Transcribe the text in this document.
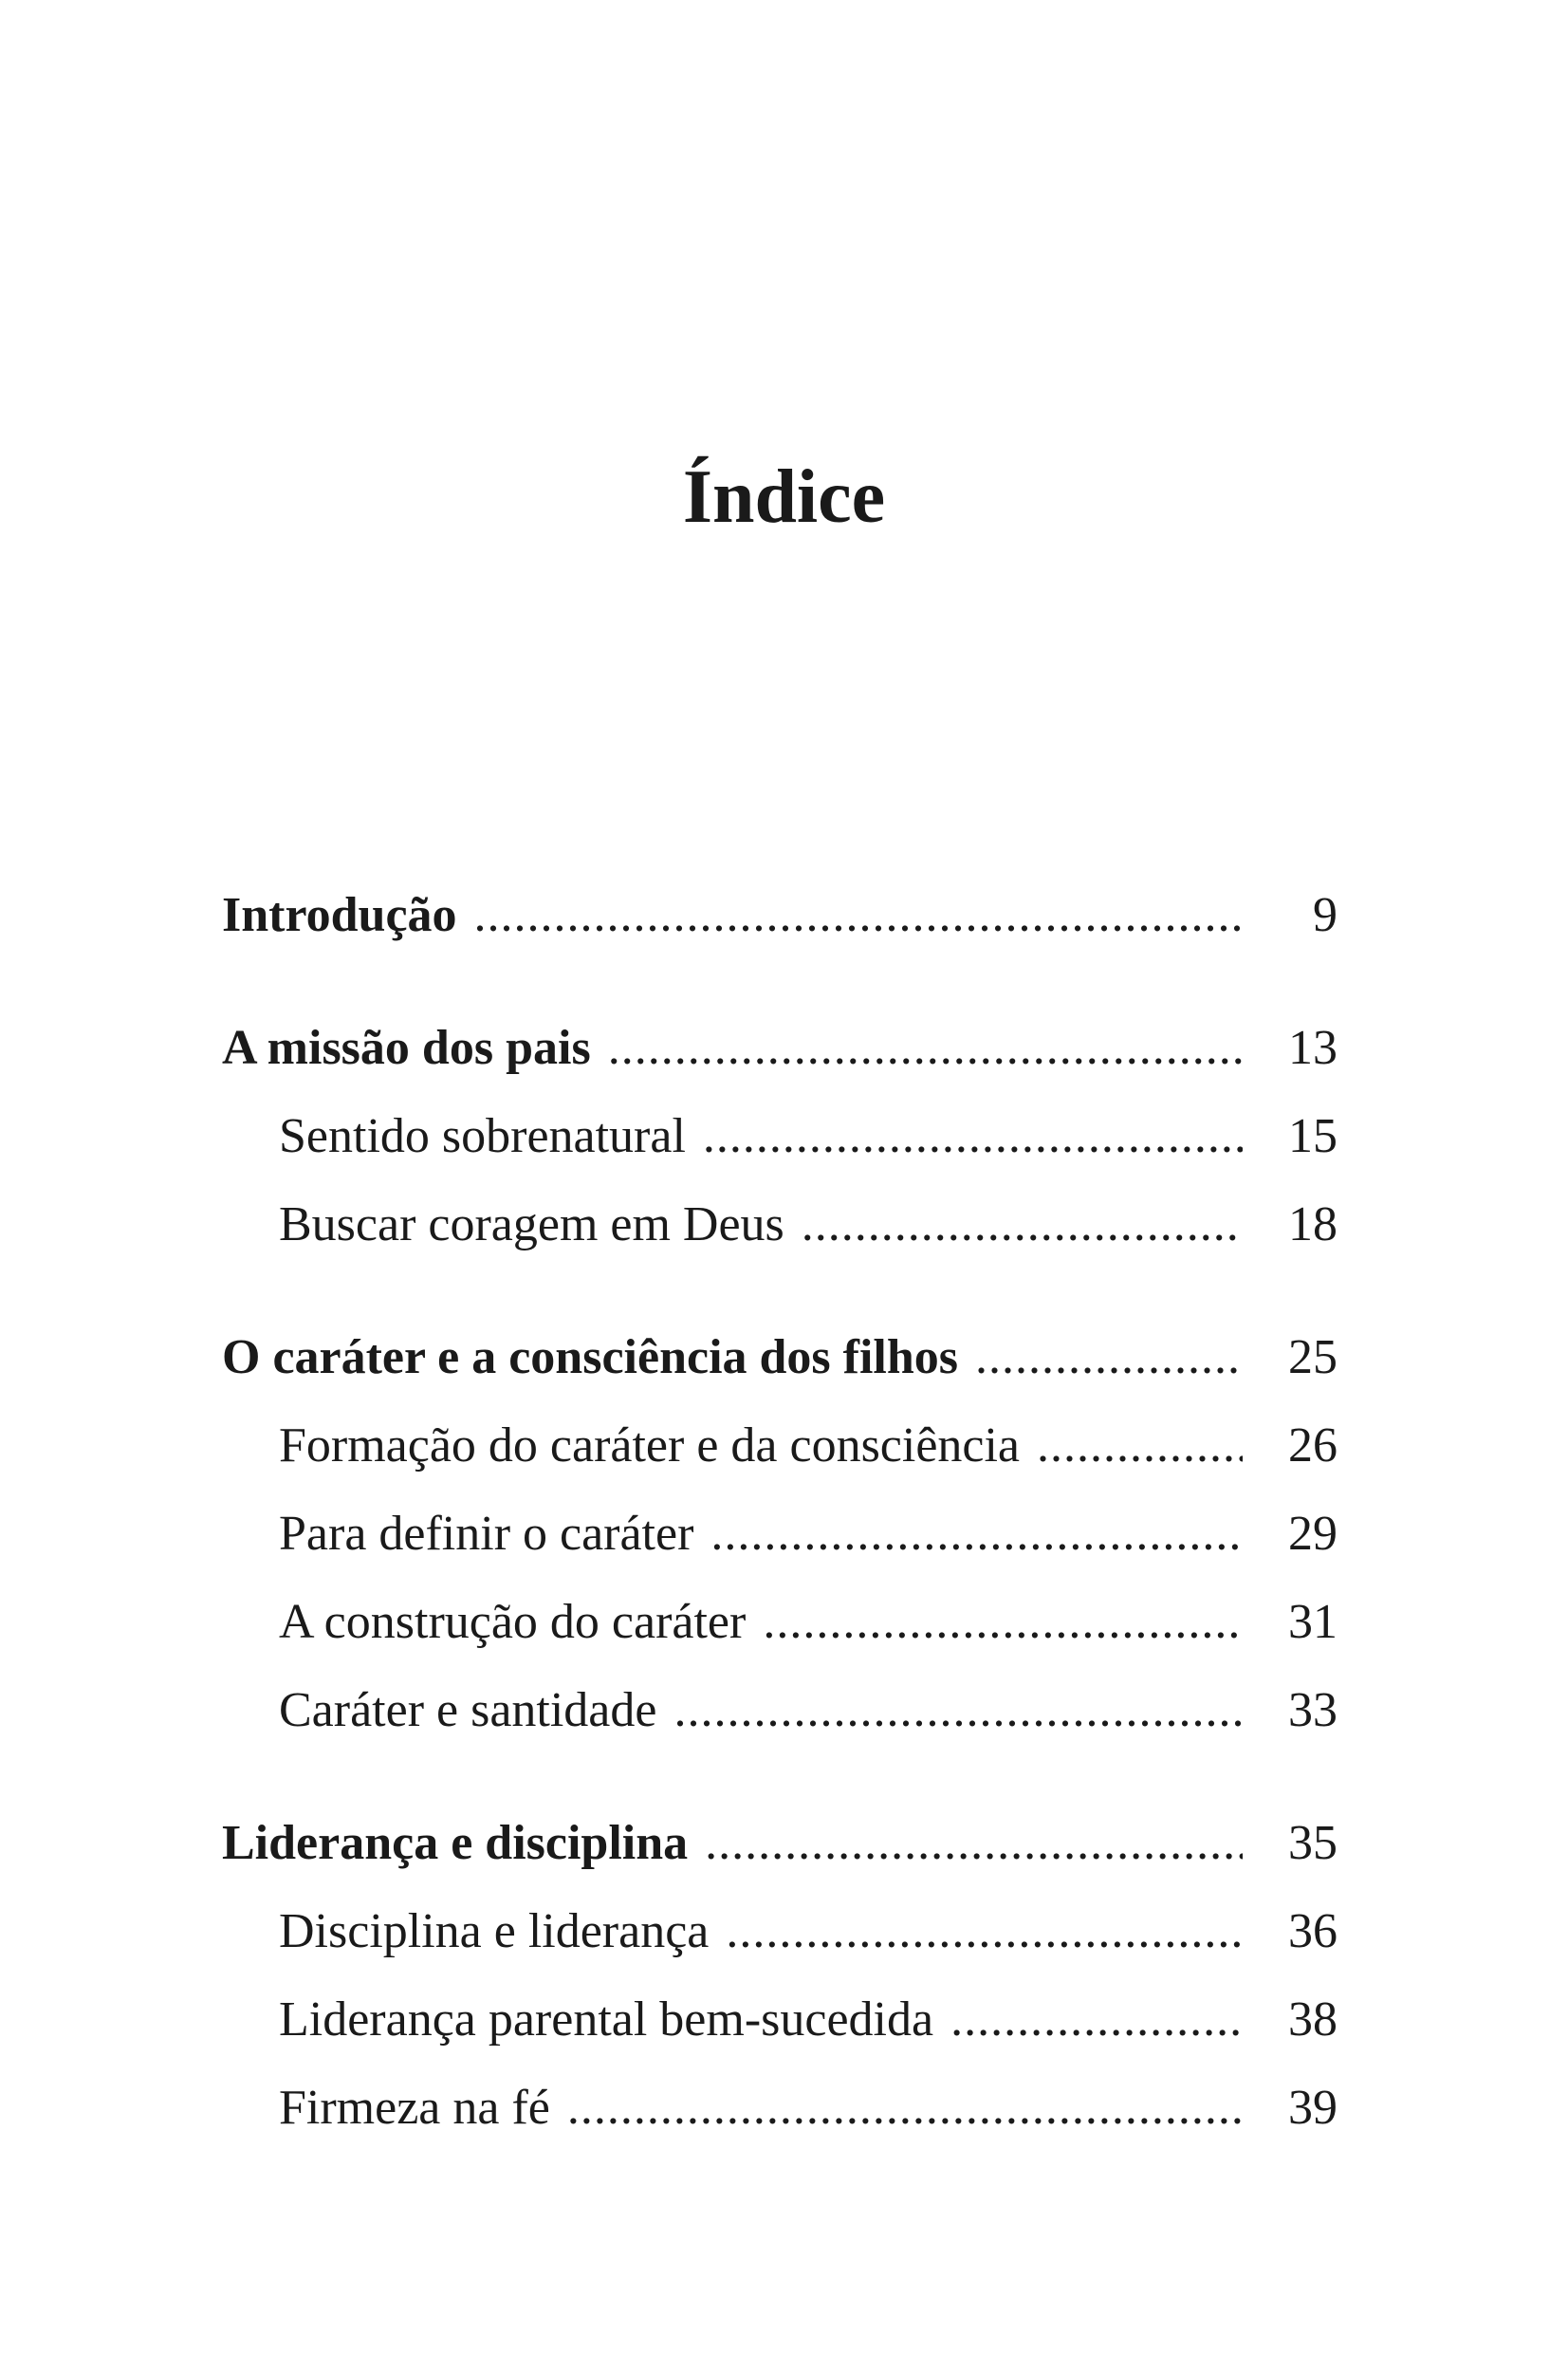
Índice
Introdução .....	9
A missão dos pais .....	13
Sentido sobrenatural .....	15
Buscar coragem em Deus .....	18
O caráter e a consciência dos filhos .....	25
Formação do caráter e da consciência .....	26
Para definir o caráter .....	29
A construção do caráter .....	31
Caráter e santidade .....	33
Liderança e disciplina .....	35
Disciplina e liderança .....	36
Liderança parental bem-sucedida .....	38
Firmeza na fé .....	39
